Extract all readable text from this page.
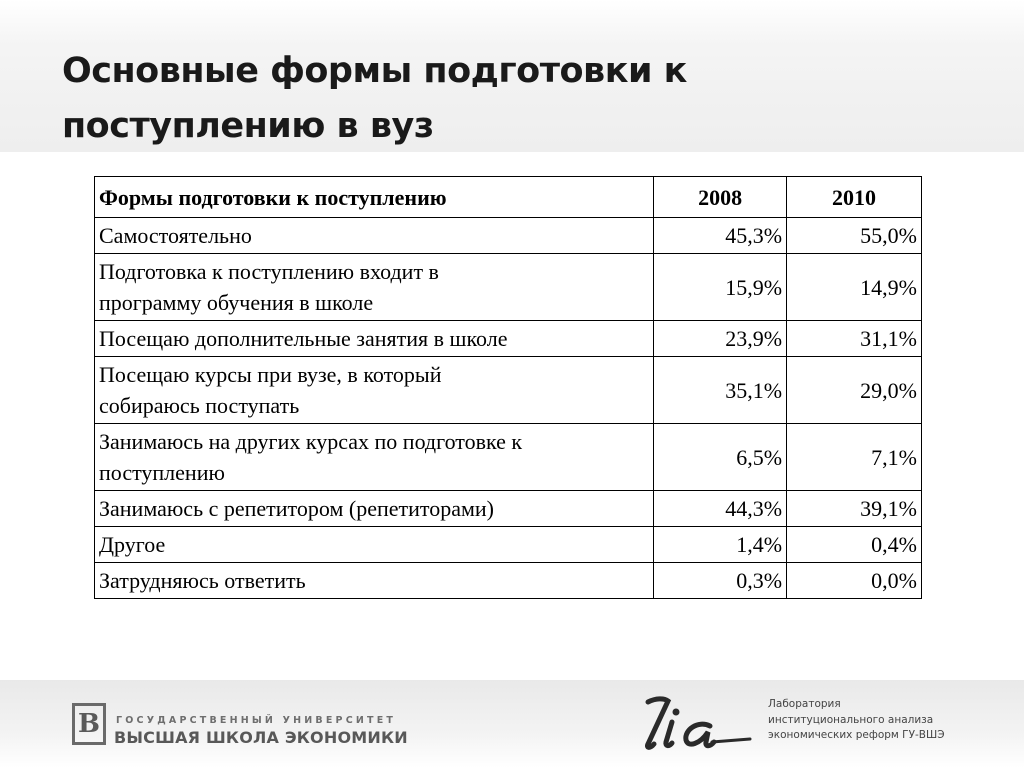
Основные формы подготовки к
поступлению в вуз
Формы подготовки к поступлению	2008	2010

Самостоятельно	45,3%	55,0%

Подготовка к поступлению входит в
программу обучения в школе	15,9%	14,9%

Посещаю дополнительные занятия в школе	23,9%	31,1%

Посещаю курсы при вузе, в который
собираюсь поступать	35,1%	29,0%

Занимаюсь на других курсах по подготовке к
поступлению	6,5%	7,1%

Занимаюсь с репетитором (репетиторами)	44,3%	39,1%

Другое	1,4%	0,4%

Затрудняюсь ответить	0,3%	0,0%
В	ГОСУДАРСТВЕННЫЙ УНИВЕРСИТЕТ
ВЫСШАЯ ШКОЛА ЭКОНОМИКИ
Лаборатория
институционального анализа
экономических реформ ГУ-ВШЭ
